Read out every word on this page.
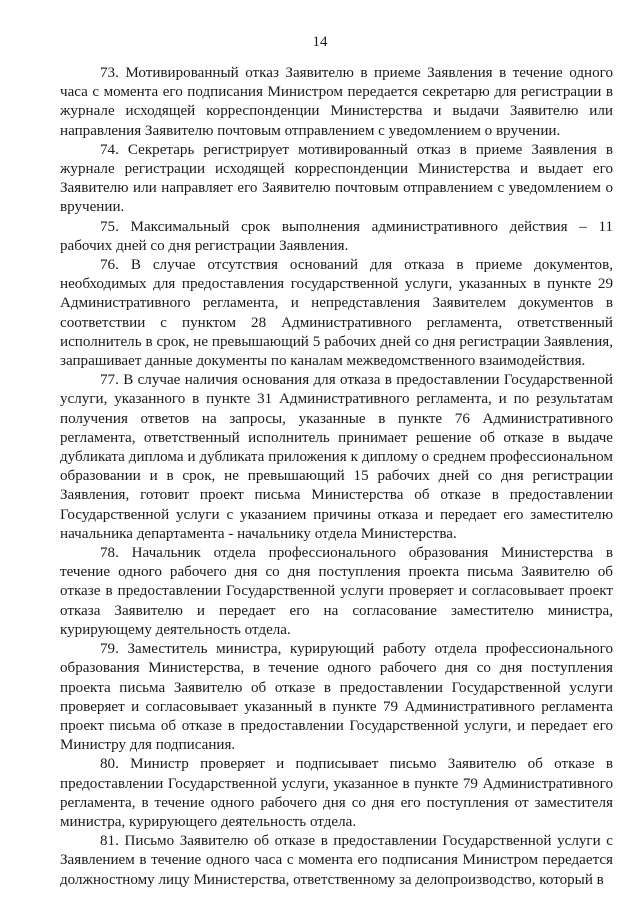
14

73. Мотивированный отказ Заявителю в приеме Заявления в течение одного часа с момента его подписания Министром передается секретарю для регистрации в журнале исходящей корреспонденции Министерства и выдачи Заявителю или направления Заявителю почтовым отправлением с уведомлением о вручении.

74. Секретарь регистрирует мотивированный отказ в приеме Заявления в журнале регистрации исходящей корреспонденции Министерства и выдает его Заявителю или направляет его Заявителю почтовым отправлением с уведомлением о вручении.

75. Максимальный срок выполнения административного действия – 11 рабочих дней со дня регистрации Заявления.

76. В случае отсутствия оснований для отказа в приеме документов, необходимых для предоставления государственной услуги, указанных в пункте 29 Административного регламента, и непредставления Заявителем документов в соответствии с пунктом 28 Административного регламента, ответственный исполнитель в срок, не превышающий 5 рабочих дней со дня регистрации Заявления, запрашивает данные документы по каналам межведомственного взаимодействия.

77. В случае наличия основания для отказа в предоставлении Государственной услуги, указанного в пункте 31 Административного регламента, и по результатам получения ответов на запросы, указанные в пункте 76 Административного регламента, ответственный исполнитель принимает решение об отказе в выдаче дубликата диплома и дубликата приложения к диплому о среднем профессиональном образовании и в срок, не превышающий 15 рабочих дней со дня регистрации Заявления, готовит проект письма Министерства об отказе в предоставлении Государственной услуги с указанием причины отказа и передает его заместителю начальника департамента - начальнику отдела Министерства.

78. Начальник отдела профессионального образования Министерства в течение одного рабочего дня со дня поступления проекта письма Заявителю об отказе в предоставлении Государственной услуги проверяет и согласовывает проект отказа Заявителю и передает его на согласование заместителю министра, курирующему деятельность отдела.

79. Заместитель министра, курирующий работу отдела профессионального образования Министерства, в течение одного рабочего дня со дня поступления проекта письма Заявителю об отказе в предоставлении Государственной услуги проверяет и согласовывает указанный в пункте 79 Административного регламента проект письма об отказе в предоставлении Государственной услуги, и передает его Министру для подписания.

80. Министр проверяет и подписывает письмо Заявителю об отказе в предоставлении Государственной услуги, указанное в пункте 79 Административного регламента, в течение одного рабочего дня со дня его поступления от заместителя министра, курирующего деятельность отдела.

81. Письмо Заявителю об отказе в предоставлении Государственной услуги с Заявлением в течение одного часа с момента его подписания Министром передается должностному лицу Министерства, ответственному за делопроизводство, который в
